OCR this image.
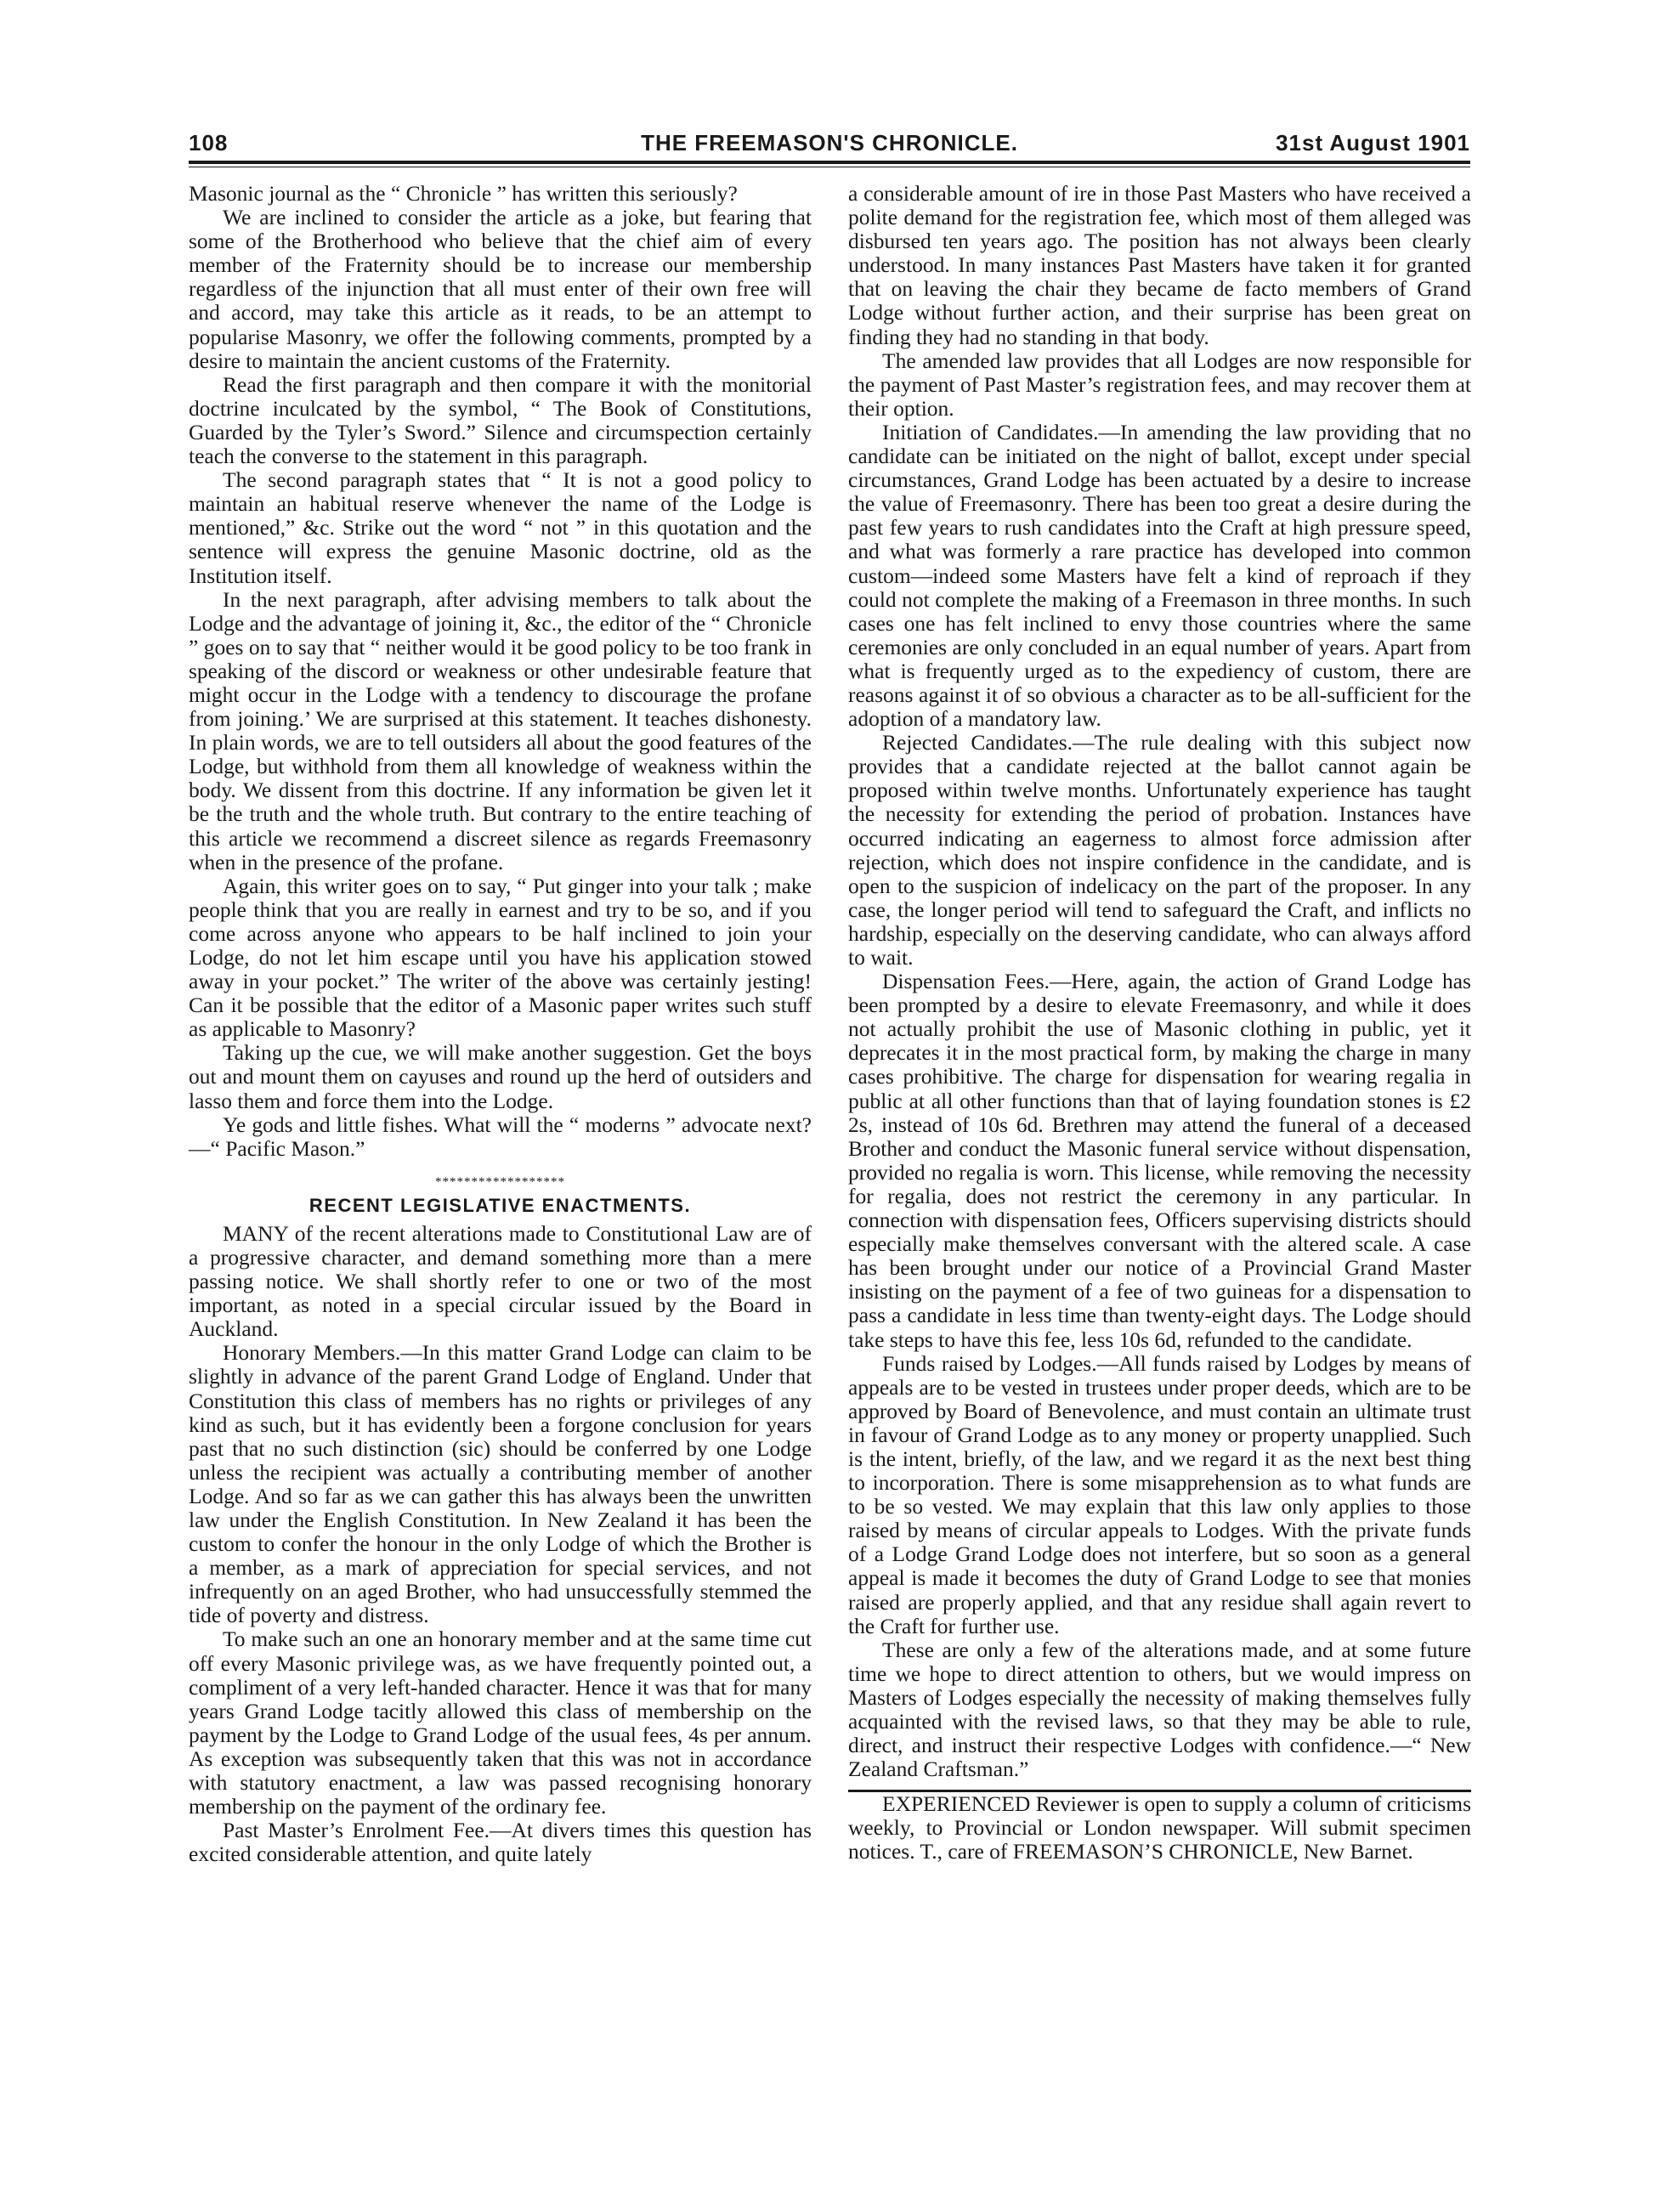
108	THE FREEMASON'S CHRONICLE.	31st August 1901

Masonic journal as the “ Chronicle ” has written this seriously?

We are inclined to consider the article as a joke, but fearing that some of the Brotherhood who believe that the chief aim of every member of the Fraternity should be to increase our membership regardless of the injunction that all must enter of their own free will and accord, may take this article as it reads, to be an attempt to popularise Masonry, we offer the following comments, prompted by a desire to maintain the ancient customs of the Fraternity.

Read the first paragraph and then compare it with the monitorial doctrine inculcated by the symbol, “ The Book of Constitutions, Guarded by the Tyler’s Sword.” Silence and circumspection certainly teach the converse to the statement in this paragraph.

The second paragraph states that “ It is not a good policy to maintain an habitual reserve whenever the name of the Lodge is mentioned,” &c. Strike out the word “ not ” in this quotation and the sentence will express the genuine Masonic doctrine, old as the Institution itself.

In the next paragraph, after advising members to talk about the Lodge and the advantage of joining it, &c., the editor of the “ Chronicle ” goes on to say that “ neither would it be good policy to be too frank in speaking of the discord or weakness or other undesirable feature that might occur in the Lodge with a tendency to discourage the profane from joining.’ We are surprised at this statement. It teaches dishonesty. In plain words, we are to tell outsiders all about the good features of the Lodge, but withhold from them all knowledge of weakness within the body. We dissent from this doctrine. If any information be given let it be the truth and the whole truth. But contrary to the entire teaching of this article we recommend a discreet silence as regards Freemasonry when in the presence of the profane.

Again, this writer goes on to say, “ Put ginger into your talk ; make people think that you are really in earnest and try to be so, and if you come across anyone who appears to be half inclined to join your Lodge, do not let him escape until you have his application stowed away in your pocket.” The writer of the above was certainly jesting! Can it be possible that the editor of a Masonic paper writes such stuff as applicable to Masonry?

Taking up the cue, we will make another suggestion. Get the boys out and mount them on cayuses and round up the herd of outsiders and lasso them and force them into the Lodge.

Ye gods and little fishes. What will the “ moderns ” advocate next?—“ Pacific Mason.”

******************
RECENT LEGISLATIVE ENACTMENTS.

MANY of the recent alterations made to Constitutional Law are of a progressive character, and demand something more than a mere passing notice. We shall shortly refer to one or two of the most important, as noted in a special circular issued by the Board in Auckland.

Honorary Members.—In this matter Grand Lodge can claim to be slightly in advance of the parent Grand Lodge of England. Under that Constitution this class of members has no rights or privileges of any kind as such, but it has evidently been a forgone conclusion for years past that no such distinction (sic) should be conferred by one Lodge unless the recipient was actually a contributing member of another Lodge. And so far as we can gather this has always been the unwritten law under the English Constitution. In New Zealand it has been the custom to confer the honour in the only Lodge of which the Brother is a member, as a mark of appreciation for special services, and not infrequently on an aged Brother, who had unsuccessfully stemmed the tide of poverty and distress.

To make such an one an honorary member and at the same time cut off every Masonic privilege was, as we have frequently pointed out, a compliment of a very left-handed character. Hence it was that for many years Grand Lodge tacitly allowed this class of membership on the payment by the Lodge to Grand Lodge of the usual fees, 4s per annum. As exception was subsequently taken that this was not in accordance with statutory enactment, a law was passed recognising honorary membership on the payment of the ordinary fee.

Past Master’s Enrolment Fee.—At divers times this question has excited considerable attention, and quite lately

a considerable amount of ire in those Past Masters who have received a polite demand for the registration fee, which most of them alleged was disbursed ten years ago. The position has not always been clearly understood. In many instances Past Masters have taken it for granted that on leaving the chair they became de facto members of Grand Lodge without further action, and their surprise has been great on finding they had no standing in that body.

The amended law provides that all Lodges are now responsible for the payment of Past Master’s registration fees, and may recover them at their option.

Initiation of Candidates.—In amending the law providing that no candidate can be initiated on the night of ballot, except under special circumstances, Grand Lodge has been actuated by a desire to increase the value of Freemasonry. There has been too great a desire during the past few years to rush candidates into the Craft at high pressure speed, and what was formerly a rare practice has developed into common custom—indeed some Masters have felt a kind of reproach if they could not complete the making of a Freemason in three months. In such cases one has felt inclined to envy those countries where the same ceremonies are only concluded in an equal number of years. Apart from what is frequently urged as to the expediency of custom, there are reasons against it of so obvious a character as to be all-sufficient for the adoption of a mandatory law.

Rejected Candidates.—The rule dealing with this subject now provides that a candidate rejected at the ballot cannot again be proposed within twelve months. Unfortunately experience has taught the necessity for extending the period of probation. Instances have occurred indicating an eagerness to almost force admission after rejection, which does not inspire confidence in the candidate, and is open to the suspicion of indelicacy on the part of the proposer. In any case, the longer period will tend to safeguard the Craft, and inflicts no hardship, especially on the deserving candidate, who can always afford to wait.

Dispensation Fees.—Here, again, the action of Grand Lodge has been prompted by a desire to elevate Freemasonry, and while it does not actually prohibit the use of Masonic clothing in public, yet it deprecates it in the most practical form, by making the charge in many cases prohibitive. The charge for dispensation for wearing regalia in public at all other functions than that of laying foundation stones is £2 2s, instead of 10s 6d. Brethren may attend the funeral of a deceased Brother and conduct the Masonic funeral service without dispensation, provided no regalia is worn. This license, while removing the necessity for regalia, does not restrict the ceremony in any particular. In connection with dispensation fees, Officers supervising districts should especially make themselves conversant with the altered scale. A case has been brought under our notice of a Provincial Grand Master insisting on the payment of a fee of two guineas for a dispensation to pass a candidate in less time than twenty-eight days. The Lodge should take steps to have this fee, less 10s 6d, refunded to the candidate.

Funds raised by Lodges.—All funds raised by Lodges by means of appeals are to be vested in trustees under proper deeds, which are to be approved by Board of Benevolence, and must contain an ultimate trust in favour of Grand Lodge as to any money or property unapplied. Such is the intent, briefly, of the law, and we regard it as the next best thing to incorporation. There is some misapprehension as to what funds are to be so vested. We may explain that this law only applies to those raised by means of circular appeals to Lodges. With the private funds of a Lodge Grand Lodge does not interfere, but so soon as a general appeal is made it becomes the duty of Grand Lodge to see that monies raised are properly applied, and that any residue shall again revert to the Craft for further use.

These are only a few of the alterations made, and at some future time we hope to direct attention to others, but we would impress on Masters of Lodges especially the necessity of making themselves fully acquainted with the revised laws, so that they may be able to rule, direct, and instruct their respective Lodges with confidence.—“ New Zealand Craftsman.”

EXPERIENCED Reviewer is open to supply a column of criticisms weekly, to Provincial or London newspaper. Will submit specimen notices. T., care of FREEMASON’S CHRONICLE, New Barnet.
